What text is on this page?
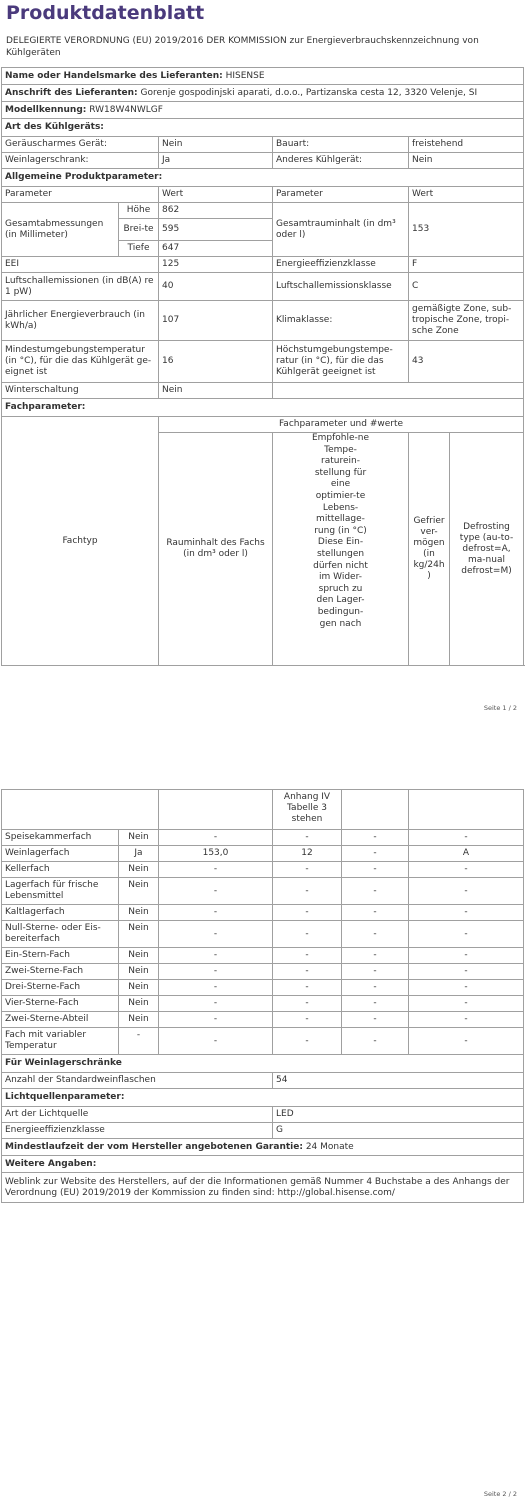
Produktdatenblatt
DELEGIERTE VERORDNUNG (EU) 2019/2016 DER KOMMISSION zur Energieverbrauchskennzeichnung von Kühlgeräten
Name oder Handelsmarke des Lieferanten: HISENSE					
Anschrift des Lieferanten: Gorenje gospodinjski aparati, d.o.o., Partizanska cesta 12, 3320 Velenje, SI					
Modellkennung: RW18W4NWLGF					
Art des Kühlgeräts:					
Geräuscharmes Gerät:		Nein	Bauart:	freistehend	
Weinlagerschrank:		Ja	Anderes Kühlgerät:	Nein	
Allgemeine Produktparameter:					
Parameter		Wert	Parameter	Wert	
Gesamtabmessungen (in Millimeter)	Höhe	862	Gesamtrauminhalt (in dm³ oder l)	153	
	Brei-te	595			
	Tiefe	647			
EEI		125	Energieeffizienzklasse	F	
Luftschallemissionen (in dB(A) re 1 pW)		40	Luftschallemissionsklasse	C	
Jährlicher Energieverbrauch (in kWh/a)		107	Klimaklasse:	gemäßigte Zone, sub-tropische Zone, tropi-sche Zone	
Mindestumgebungstemperatur (in °C), für die das Kühlgerät ge-eignet ist		16	Höchstumgebungstempe-ratur (in °C), für die das Kühlgerät geeignet ist	43	
Winterschaltung		Nein			
Fachparameter:					
Fachtyp		Fachparameter und #werte			
		Rauminhalt des Fachs (in dm³ oder l)	Empfohle-ne Tempe-raturein-stellung für eine optimier-te Lebens-mittellage-rung (in °C) Diese Ein-stellungen dürfen nicht im Wider-spruch zu den Lager-bedingun-gen nach	Gefrierver-mögen (in kg/24h)	Defrosting type (au-to-defrost=A, ma-nual defrost=M)
Seite 1 / 2
			Anhang IV Tabelle 3 stehen		
Speisekammerfach	Nein	-	-	-	-
Weinlagerfach	Ja	153,0	12	-	A
Kellerfach	Nein	-	-	-	-
Lagerfach für frische Lebensmittel	Nein	-	-	-	-
Kaltlagerfach	Nein	-	-	-	-
Null-Sterne- oder Eis-bereiterfach	Nein	-	-	-	-
Ein-Stern-Fach	Nein	-	-	-	-
Zwei-Sterne-Fach	Nein	-	-	-	-
Drei-Sterne-Fach	Nein	-	-	-	-
Vier-Sterne-Fach	Nein	-	-	-	-
Zwei-Sterne-Abteil	Nein	-	-	-	-
Fach mit variabler Temperatur	-	-	-	-	-
Für Weinlagerschränke					
Anzahl der Standardweinflaschen			54		
Lichtquellenparameter:					
Art der Lichtquelle			LED		
Energieeffizienzklasse			G		
Mindestlaufzeit der vom Hersteller angebotenen Garantie: 24 Monate					
Weitere Angaben:					
Weblink zur Website des Herstellers, auf der die Informationen gemäß Nummer 4 Buchstabe a des Anhangs der Verordnung (EU) 2019/2019 der Kommission zu finden sind: http://global.hisense.com/					
Seite 2 / 2
